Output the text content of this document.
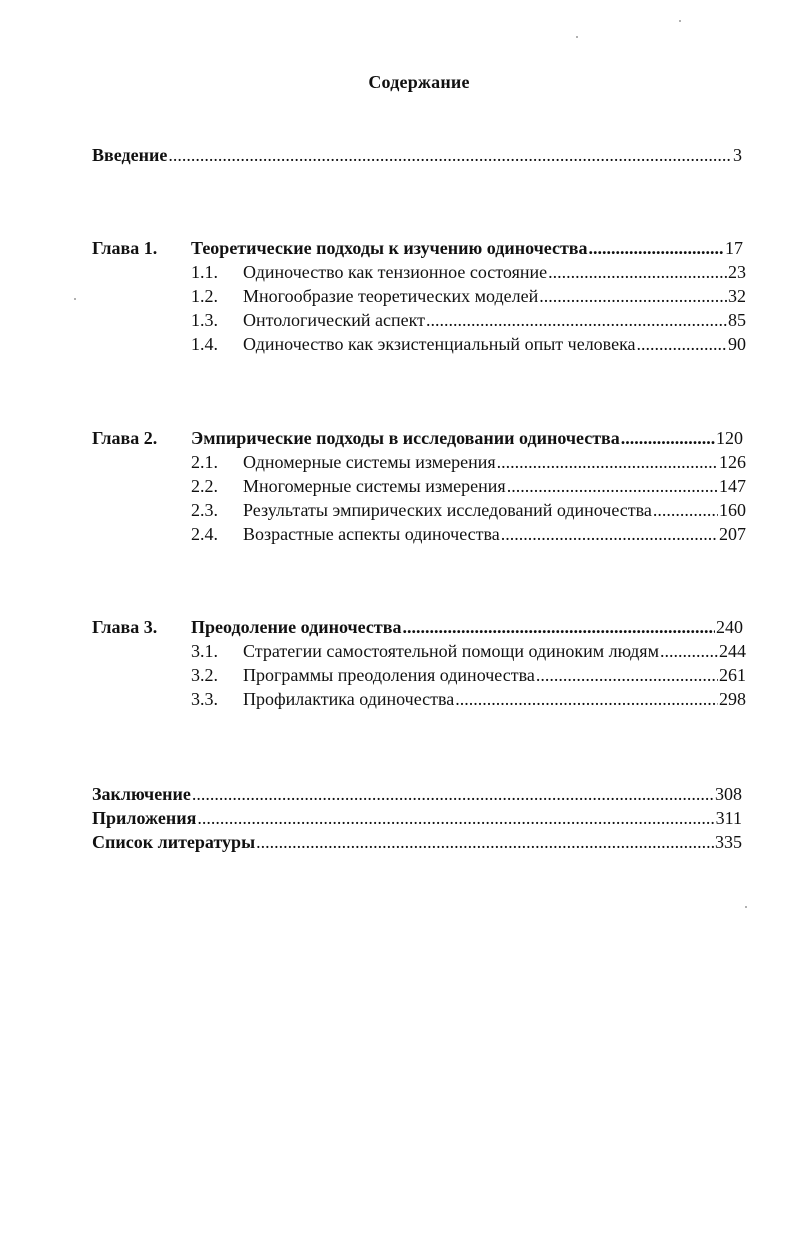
Содержание
Введение .....	3
Глава 1. Теоретические подходы к изучению одиночества .....	17
1.1. Одиночество как тензионное состояние .....	23
1.2. Многообразие теоретических моделей .....	32
1.3. Онтологический аспект .....	85
1.4. Одиночество как экзистенциальный опыт человека .....	90
Глава 2. Эмпирические подходы в исследовании одиночества .....	120
2.1. Одномерные системы измерения .....	126
2.2. Многомерные системы измерения .....	147
2.3. Результаты эмпирических исследований одиночества .....	160
2.4. Возрастные аспекты одиночества .....	207
Глава 3. Преодоление одиночества .....	240
3.1. Стратегии самостоятельной помощи одиноким людям .....	244
3.2. Программы преодоления одиночества .....	261
3.3. Профилактика одиночества .....	298
Заключение .....	308
Приложения .....	311
Список литературы .....	335
